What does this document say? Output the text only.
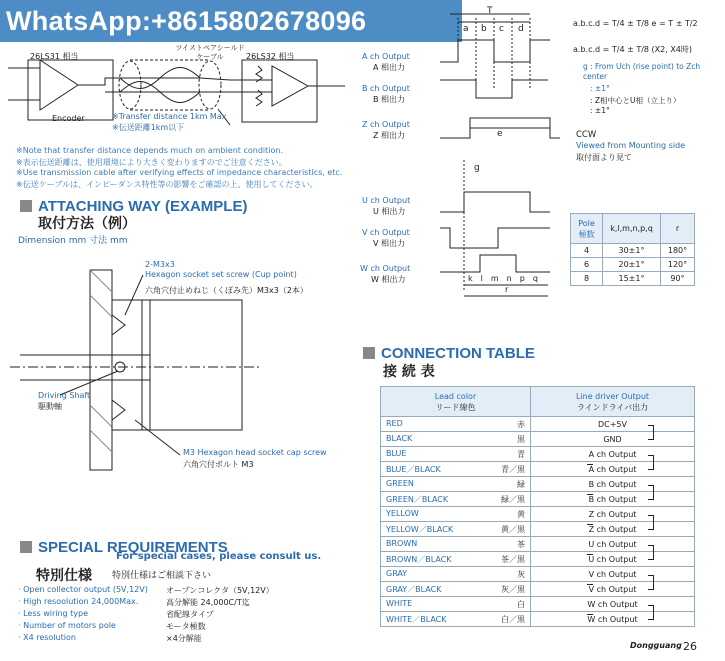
WhatsApp:+8615802678096
26LS31 相当	26LS32 相当
ツイストペアシールド
ケーブル
Encoder	※Transfer distance 1km Max
※伝送距離1km以下
※Note that transfer distance depends much on ambient condition.
※表示伝送距離は、使用環境により大きく変わりますのでご注意ください。
※Use transmission cable after verifying effects of impedance characteristics, etc.
※伝送ケーブルは、インピーダンス特性等の影響をご確認の上、使用してください。
ATTACHING WAY (EXAMPLE)
取付方法（例）
Dimension mm 寸法 mm
2-M3x3
Hexagon socket set screw (Cup point)
六角穴付止めねじ（くぼみ先）M3x3（2本）
Driving Shaft
駆動軸
M3 Hexagon head socket cap screw
六角穴付ボルト M3
SPECIAL REQUIREMENTS
For special cases, please consult us.
特別仕様 特別仕様はご相談下さい
· Open collector output (5V,12V) オープンコレクタ（5V,12V）
· High resoolution 24,000Max.	高分解能 24,000C/T迄
· Less wiring type	省配線タイプ
· Number of motors pole	モータ極数
· X4 resolution	×4分解能
T
a b c d
e
g
klmnpq
r
A ch Output
A 相出力
B ch Output
B 相出力
Z ch Output
Z 相出力
U ch Output
U 相出力
V ch Output
V 相出力
W ch Output
W 相出力
a.b.c.d = T/4 ± T/8 e = T ± T/2
a.b.c.d = T/4 ± T/8 (X2, X4時)
g : From Uch (rise point) to Zch center
: ±1°
: Z相中心とU相（立上り）
: ±1°
CCW
Viewed from Mounting side
取付面より見て
Pole
極数	k,l,m,n,p,q	r
4	30±1°	180°
6	20±1°	120°
8	15±1°	90°
CONNECTION TABLE
接 続 表
Lead color
リード線色	Line driver Output
ラインドライバ出力
RED 赤	DC+5V

BLACK 黒	GND

BLUE 青	A ch Output

BLUE／BLACK 青／黒	A ch Output

GREEN 緑	B ch Output

GREEN／BLACK 緑／黒	B ch Output

YELLOW 黄	Z ch Output

YELLOW／BLACK 黄／黒	Z ch Output

BROWN 茶	U ch Output

BROWN／BLACK 茶／黒	U ch Output

GRAY 灰	V ch Output

GRAY／BLACK 灰／黒	V ch Output

WHITE 白	W ch Output

WHITE／BLACK 白／黒	W ch Output
Dongguang 26
